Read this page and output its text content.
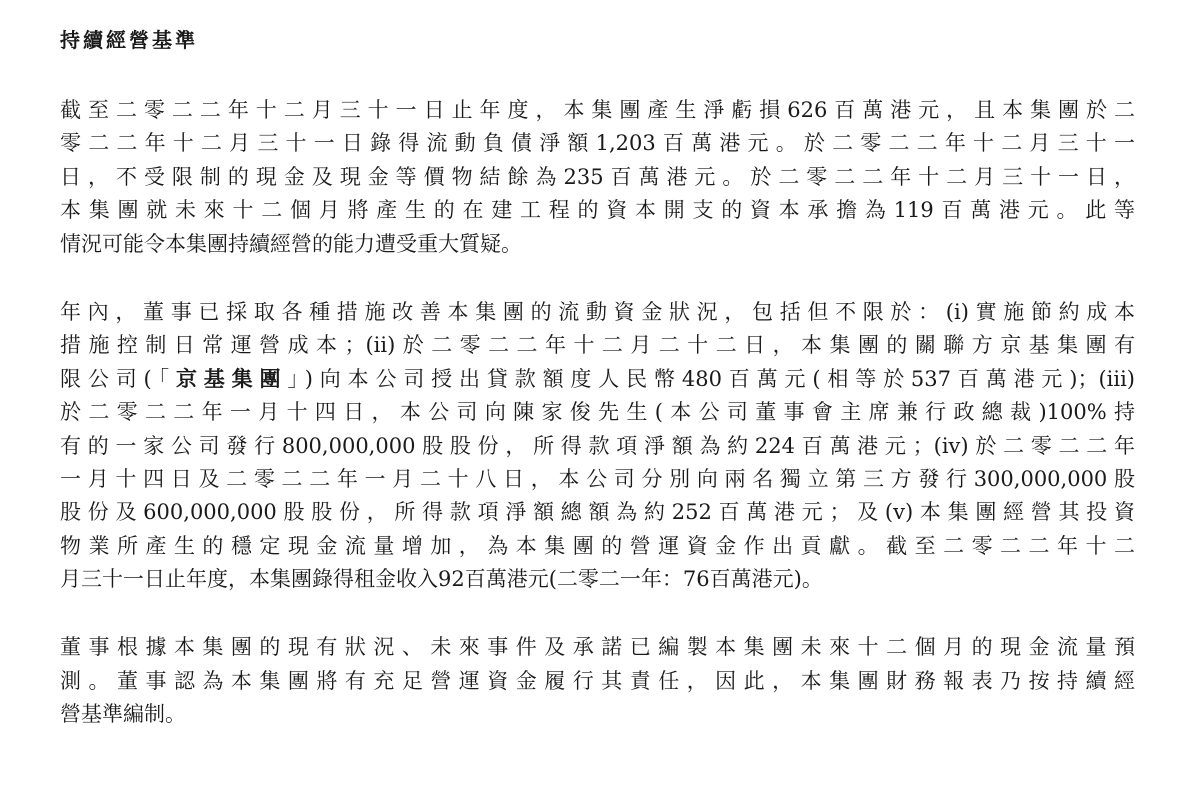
持續經營基準
截至二零二二年十二月三十一日止年度，本集團產生淨虧損626百萬港元，且本集團於二
零二二年十二月三十一日錄得流動負債淨額1,203百萬港元。於二零二二年十二月三十一
日，不受限制的現金及現金等價物結餘為235百萬港元。於二零二二年十二月三十一日，
本集團就未來十二個月將產生的在建工程的資本開支的資本承擔為119百萬港元。此等
情況可能令本集團持續經營的能力遭受重大質疑。
年內，董事已採取各種措施改善本集團的流動資金狀況，包括但不限於：(i)實施節約成本
措施控制日常運營成本；(ii)於二零二二年十二月二十二日，本集團的關聯方京基集團有
限公司(「京基集團」)向本公司授出貸款額度人民幣480百萬元(相等於537百萬港元)；(iii)
於二零二二年一月十四日，本公司向陳家俊先生(本公司董事會主席兼行政總裁)100%持
有的一家公司發行800,000,000股股份，所得款項淨額為約224百萬港元；(iv)於二零二二年
一月十四日及二零二二年一月二十八日，本公司分別向兩名獨立第三方發行300,000,000股
股份及600,000,000股股份，所得款項淨額總額為約252百萬港元；及(v)本集團經營其投資
物業所產生的穩定現金流量增加，為本集團的營運資金作出貢獻。截至二零二二年十二
月三十一日止年度，本集團錄得租金收入92百萬港元(二零二一年：76百萬港元)。
董事根據本集團的現有狀況、未來事件及承諾已編製本集團未來十二個月的現金流量預
測。董事認為本集團將有充足營運資金履行其責任，因此，本集團財務報表乃按持續經
營基準編制。
